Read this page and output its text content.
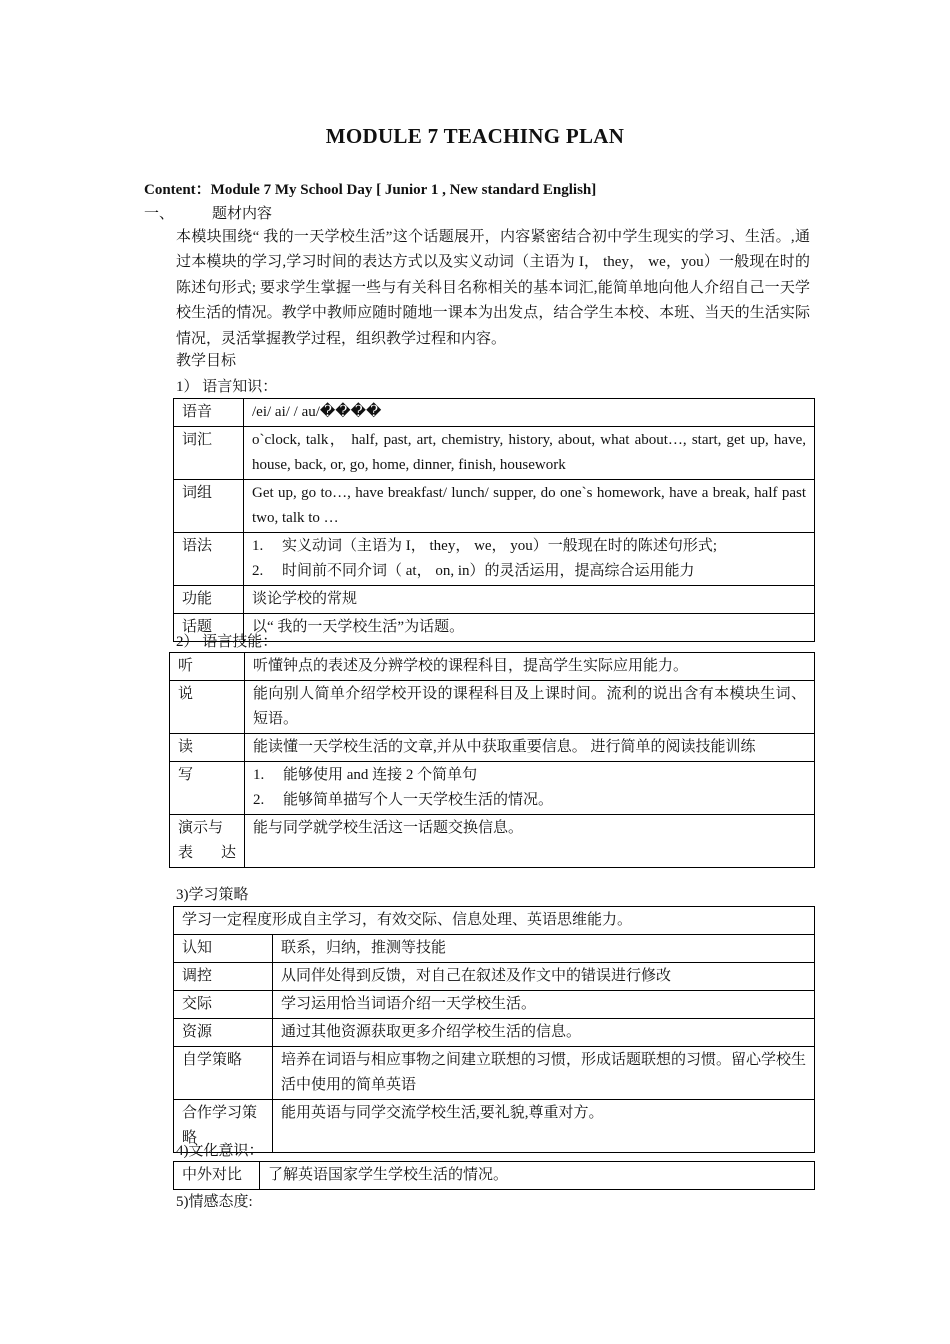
MODULE 7 TEACHING PLAN
Content：Module 7 My School Day [ Junior 1 , New standard English]
一、	题材内容
本模块围绕“ 我的一天学校生活”这个话题展开，内容紧密结合初中学生现实的学习、生活。,通过本模块的学习,学习时间的表达方式以及实义动词（主语为 I， they， we，you）一般现在时的陈述句形式; 要求学生掌握一些与有关科目名称相关的基本词汇,能简单地向他人介绍自己一天学校生活的情况。教学中教师应随时随地一课本为出发点，结合学生本校、本班、当天的生活实际情况，灵活掌握教学过程，组织教学过程和内容。
教学目标
1） 语言知识：
语音	/ei/ ai/ / au/����
词汇	o`clock, talk， half, past, art, chemistry, history, about, what about…, start, get up, have, house, back, or, go, home, dinner, finish, housework
词组	Get up, go to…, have breakfast/ lunch/ supper, do one`s homework, have a break, half past two, talk to …
语法	1. 实义动词（主语为 I， they， we， you）一般现在时的陈述句形式;
2. 时间前不同介词（ at， on, in）的灵活运用，提高综合运用能力

功能	谈论学校的常规
话题	以“ 我的一天学校生活”为话题。
2） 语言技能：
听	听懂钟点的表述及分辨学校的课程科目，提高学生实际应用能力。
说	能向别人简单介绍学校开设的课程科目及上课时间。流利的说出含有本模块生词、短语。
读	能读懂一天学校生活的文章,并从中获取重要信息。 进行简单的阅读技能训练
写	1. 能够使用 and 连接 2 个简单句
2. 能够简单描写个人一天学校生活的情况。

演示与表达	能与同学就学校生活这一话题交换信息。
3)学习策略
学习一定程度形成自主学习，有效交际、信息处理、英语思维能力。	
认知	联系，归纳，推测等技能
调控	从同伴处得到反馈，对自己在叙述及作文中的错误进行修改
交际	学习运用恰当词语介绍一天学校生活。
资源	通过其他资源获取更多介绍学校生活的信息。
自学策略	培养在词语与相应事物之间建立联想的习惯，形成话题联想的习惯。留心学校生活中使用的简单英语
合作学习策略	能用英语与同学交流学校生活,要礼貌,尊重对方。
4)文化意识：
中外对比	了解英语国家学生学校生活的情况。
5)情感态度:
